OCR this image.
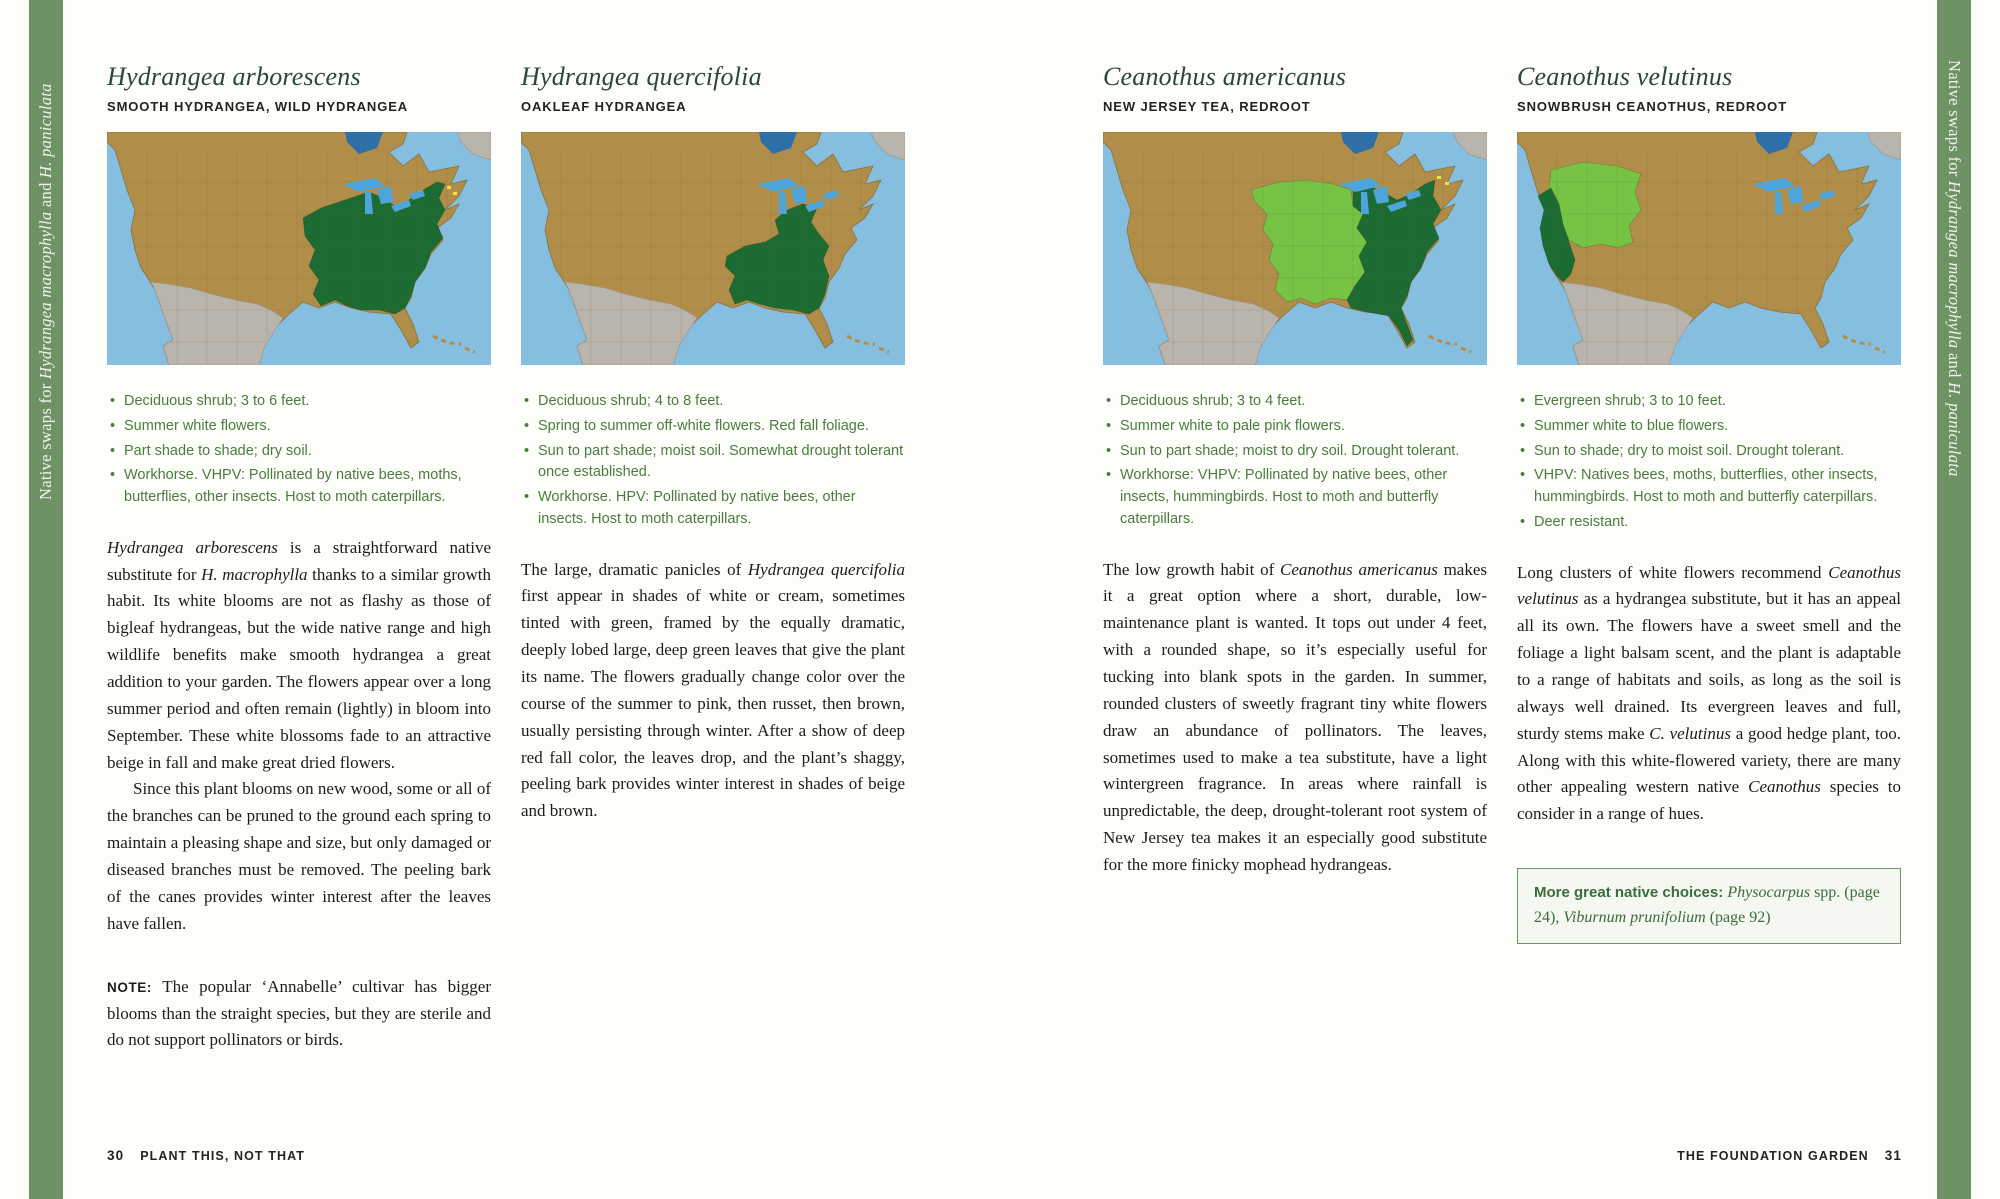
Native swaps for Hydrangea macrophylla and H. paniculata	Native swaps for Hydrangea macrophylla and H. paniculata
Hydrangea arborescens
SMOOTH HYDRANGEA, WILD HYDRANGEA
• Deciduous shrub; 3 to 6 feet.
• Summer white flowers.
• Part shade to shade; dry soil.
• Workhorse. VHPV: Pollinated by native bees, moths, butterflies, other insects. Host to moth caterpillars.

Hydrangea arborescens is a straightforward native substitute for H. macrophylla thanks to a similar growth habit. Its white blooms are not as flashy as those of bigleaf hydrangeas, but the wide native range and high wildlife benefits make smooth hydrangea a great addition to your garden. The flowers appear over a long summer period and often remain (lightly) in bloom into September. These white blossoms fade to an attractive beige in fall and make great dried flowers.

Since this plant blooms on new wood, some or all of the branches can be pruned to the ground each spring to maintain a pleasing shape and size, but only damaged or diseased branches must be removed. The peeling bark of the canes provides winter interest after the leaves have fallen.

NOTE: The popular ‘Annabelle’ cultivar has bigger blooms than the straight species, but they are sterile and do not support pollinators or birds.
Hydrangea quercifolia
OAKLEAF HYDRANGEA
• Deciduous shrub; 4 to 8 feet.
• Spring to summer off-white flowers. Red fall foliage.
• Sun to part shade; moist soil. Somewhat drought tolerant once established.
• Workhorse. HPV: Pollinated by native bees, other insects. Host to moth caterpillars.

The large, dramatic panicles of Hydrangea quercifolia first appear in shades of white or cream, sometimes tinted with green, framed by the equally dramatic, deeply lobed large, deep green leaves that give the plant its name. The flowers gradually change color over the course of the summer to pink, then russet, then brown, usually persisting through winter. After a show of deep red fall color, the leaves drop, and the plant’s shaggy, peeling bark provides winter interest in shades of beige and brown.

Ceanothus americanus
NEW JERSEY TEA, REDROOT
• Deciduous shrub; 3 to 4 feet.
• Summer white to pale pink flowers.
• Sun to part shade; moist to dry soil. Drought tolerant.
• Workhorse: VHPV: Pollinated by native bees, other insects, hummingbirds. Host to moth and butterfly caterpillars.

The low growth habit of Ceanothus americanus makes it a great option where a short, durable, low-maintenance plant is wanted. It tops out under 4 feet, with a rounded shape, so it’s especially useful for tucking into blank spots in the garden. In summer, rounded clusters of sweetly fragrant tiny white flowers draw an abundance of pollinators. The leaves, sometimes used to make a tea substitute, have a light wintergreen fragrance. In areas where rainfall is unpredictable, the deep, drought-tolerant root system of New Jersey tea makes it an especially good substitute for the more finicky mophead hydrangeas.

Ceanothus velutinus
SNOWBRUSH CEANOTHUS, REDROOT
• Evergreen shrub; 3 to 10 feet.
• Summer white to blue flowers.
• Sun to shade; dry to moist soil. Drought tolerant.
• VHPV: Natives bees, moths, butterflies, other insects, hummingbirds. Host to moth and butterfly caterpillars.
• Deer resistant.

Long clusters of white flowers recommend Ceanothus velutinus as a hydrangea substitute, but it has an appeal all its own. The flowers have a sweet smell and the foliage a light balsam scent, and the plant is adaptable to a range of habitats and soils, as long as the soil is always well drained. Its evergreen leaves and full, sturdy stems make C. velutinus a good hedge plant, too. Along with this white-flowered variety, there are many other appealing western native Ceanothus species to consider in a range of hues.

More great native choices: Physocarpus spp. (page 24), Viburnum prunifolium (page 92)
30 PLANT THIS, NOT THAT	THE FOUNDATION GARDEN 31
